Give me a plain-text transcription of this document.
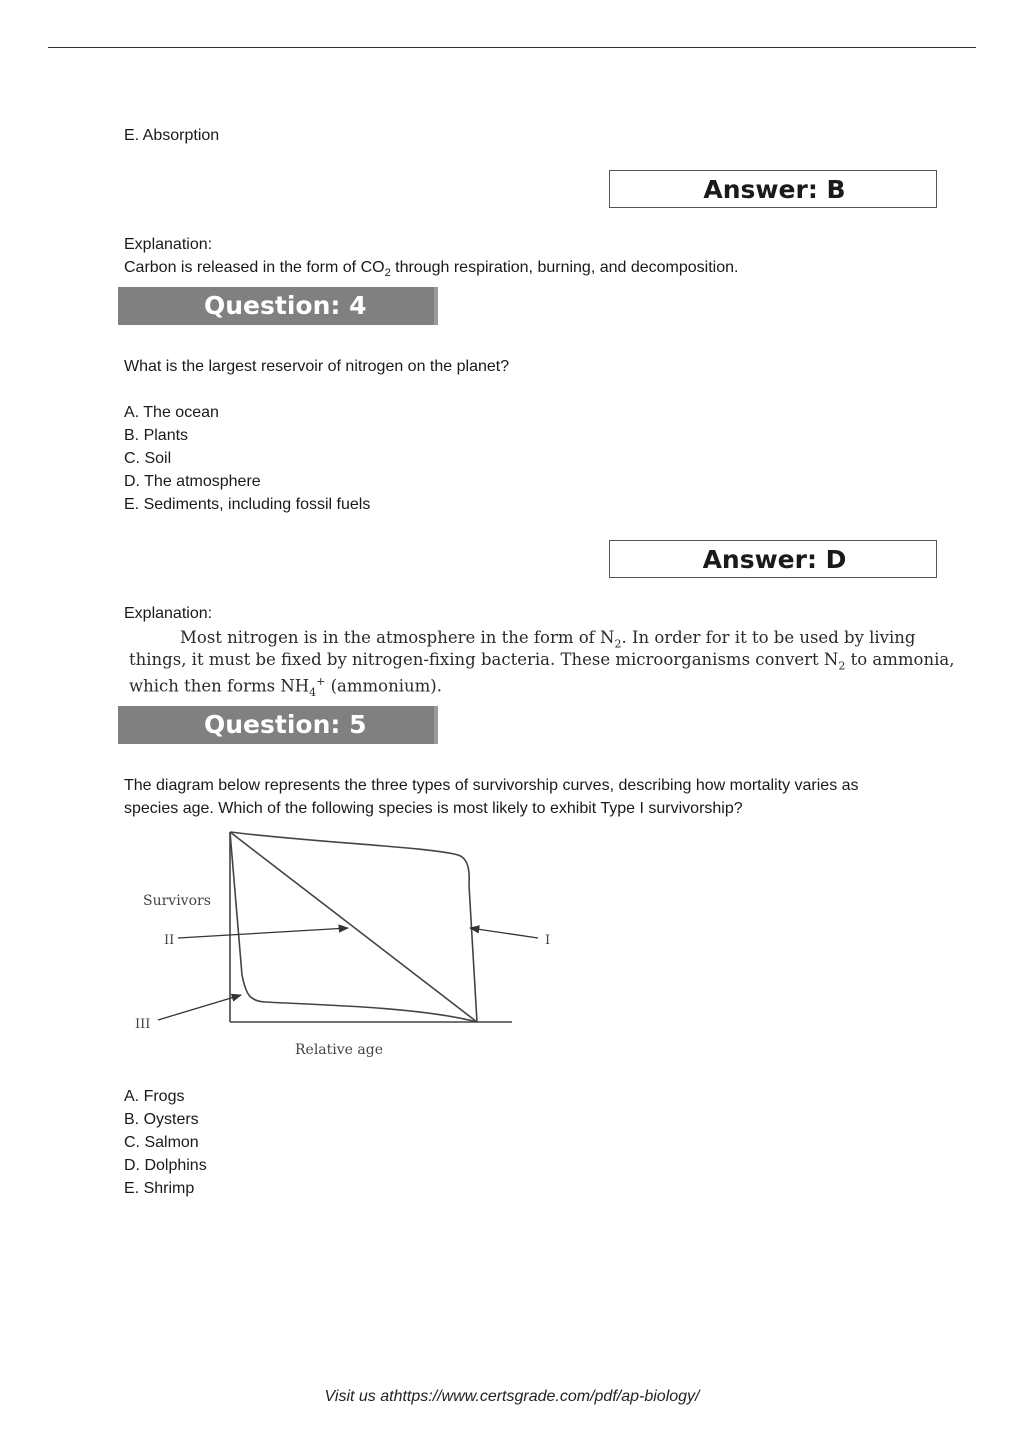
E. Absorption
Answer: B
Explanation:
Carbon is released in the form of $CO_2$ through respiration, burning, and decomposition.
Question: 4
What is the largest reservoir of nitrogen on the planet?
A. The ocean
B. Plants
C. Soil
D. The atmosphere
E. Sediments, including fossil fuels
Answer: D
Explanation:
Most nitrogen is in the atmosphere in the form of $N_2$. In order for it to be used by living
things, it must be fixed by nitrogen-fixing bacteria. These microorganisms convert $N_2$ to ammonia,
which then forms $NH_4^+$ (ammonium).
Question: 5
The diagram below represents the three types of survivorship curves, describing how mortality varies as
species age. Which of the following species is most likely to exhibit Type I survivorship?
Survivors
II	I
III
Relative age
A. Frogs
B. Oysters
C. Salmon
D. Dolphins
E. Shrimp
Visit us athttps://www.certsgrade.com/pdf/ap-biology/
